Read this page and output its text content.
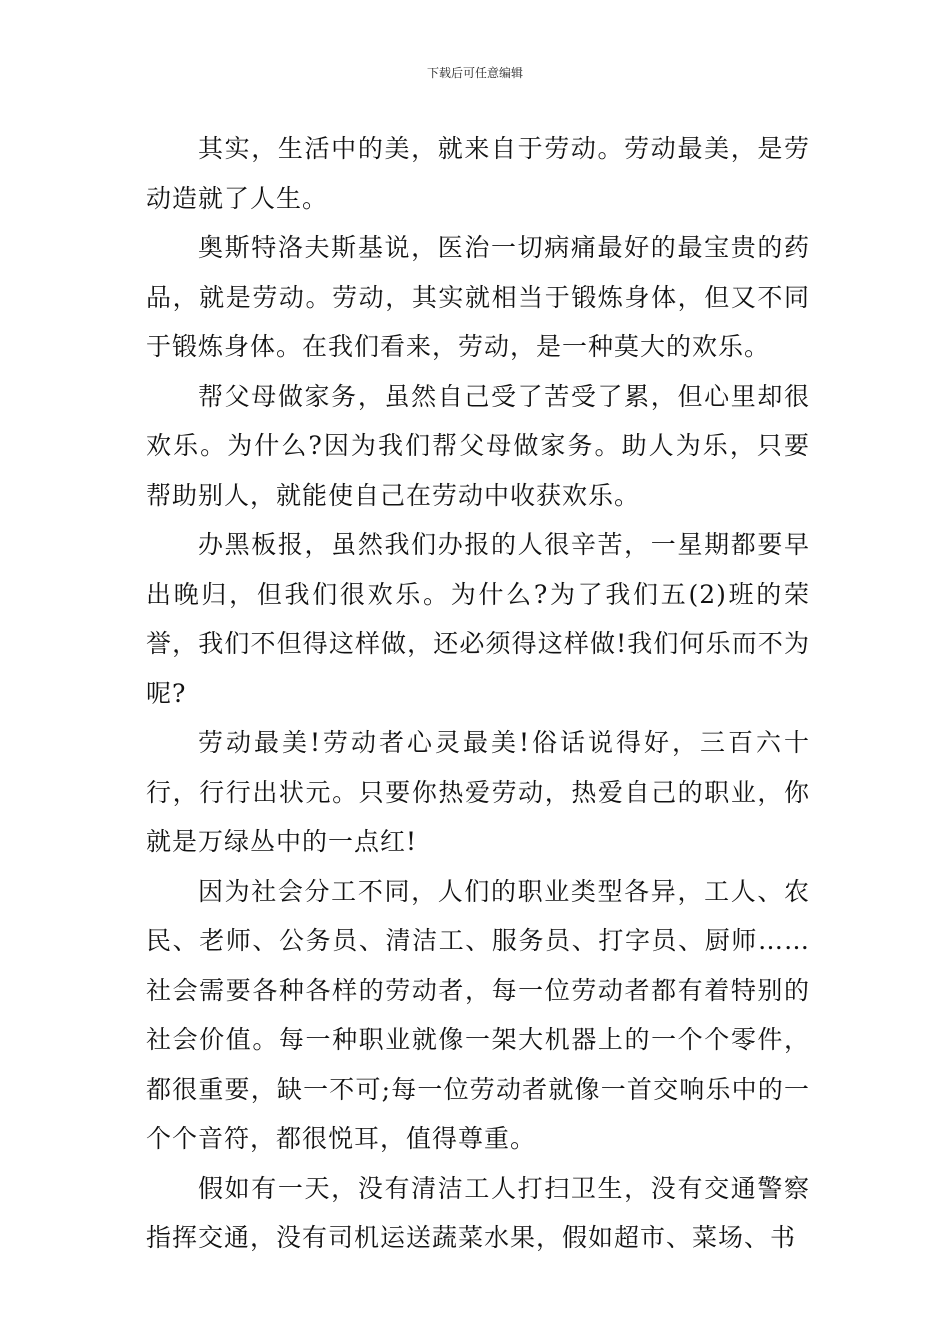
下载后可任意编辑

其实，生活中的美，就来自于劳动。劳动最美，是劳动造就了人生。

奥斯特洛夫斯基说，医治一切病痛最好的最宝贵的药品，就是劳动。劳动，其实就相当于锻炼身体，但又不同于锻炼身体。在我们看来，劳动，是一种莫大的欢乐。

帮父母做家务，虽然自己受了苦受了累，但心里却很欢乐。为什么?因为我们帮父母做家务。助人为乐，只要帮助别人，就能使自己在劳动中收获欢乐。

办黑板报，虽然我们办报的人很辛苦，一星期都要早出晚归，但我们很欢乐。为什么?为了我们五(2)班的荣誉，我们不但得这样做，还必须得这样做!我们何乐而不为呢?

劳动最美!劳动者心灵最美!俗话说得好，三百六十行，行行出状元。只要你热爱劳动，热爱自己的职业，你就是万绿丛中的一点红!

因为社会分工不同，人们的职业类型各异，工人、农民、老师、公务员、清洁工、服务员、打字员、厨师……社会需要各种各样的劳动者，每一位劳动者都有着特别的社会价值。每一种职业就像一架大机器上的一个个零件，都很重要，缺一不可;每一位劳动者就像一首交响乐中的一个个音符，都很悦耳，值得尊重。

假如有一天，没有清洁工人打扫卫生，没有交通警察指挥交通，没有司机运送蔬菜水果，假如超市、菜场、书
